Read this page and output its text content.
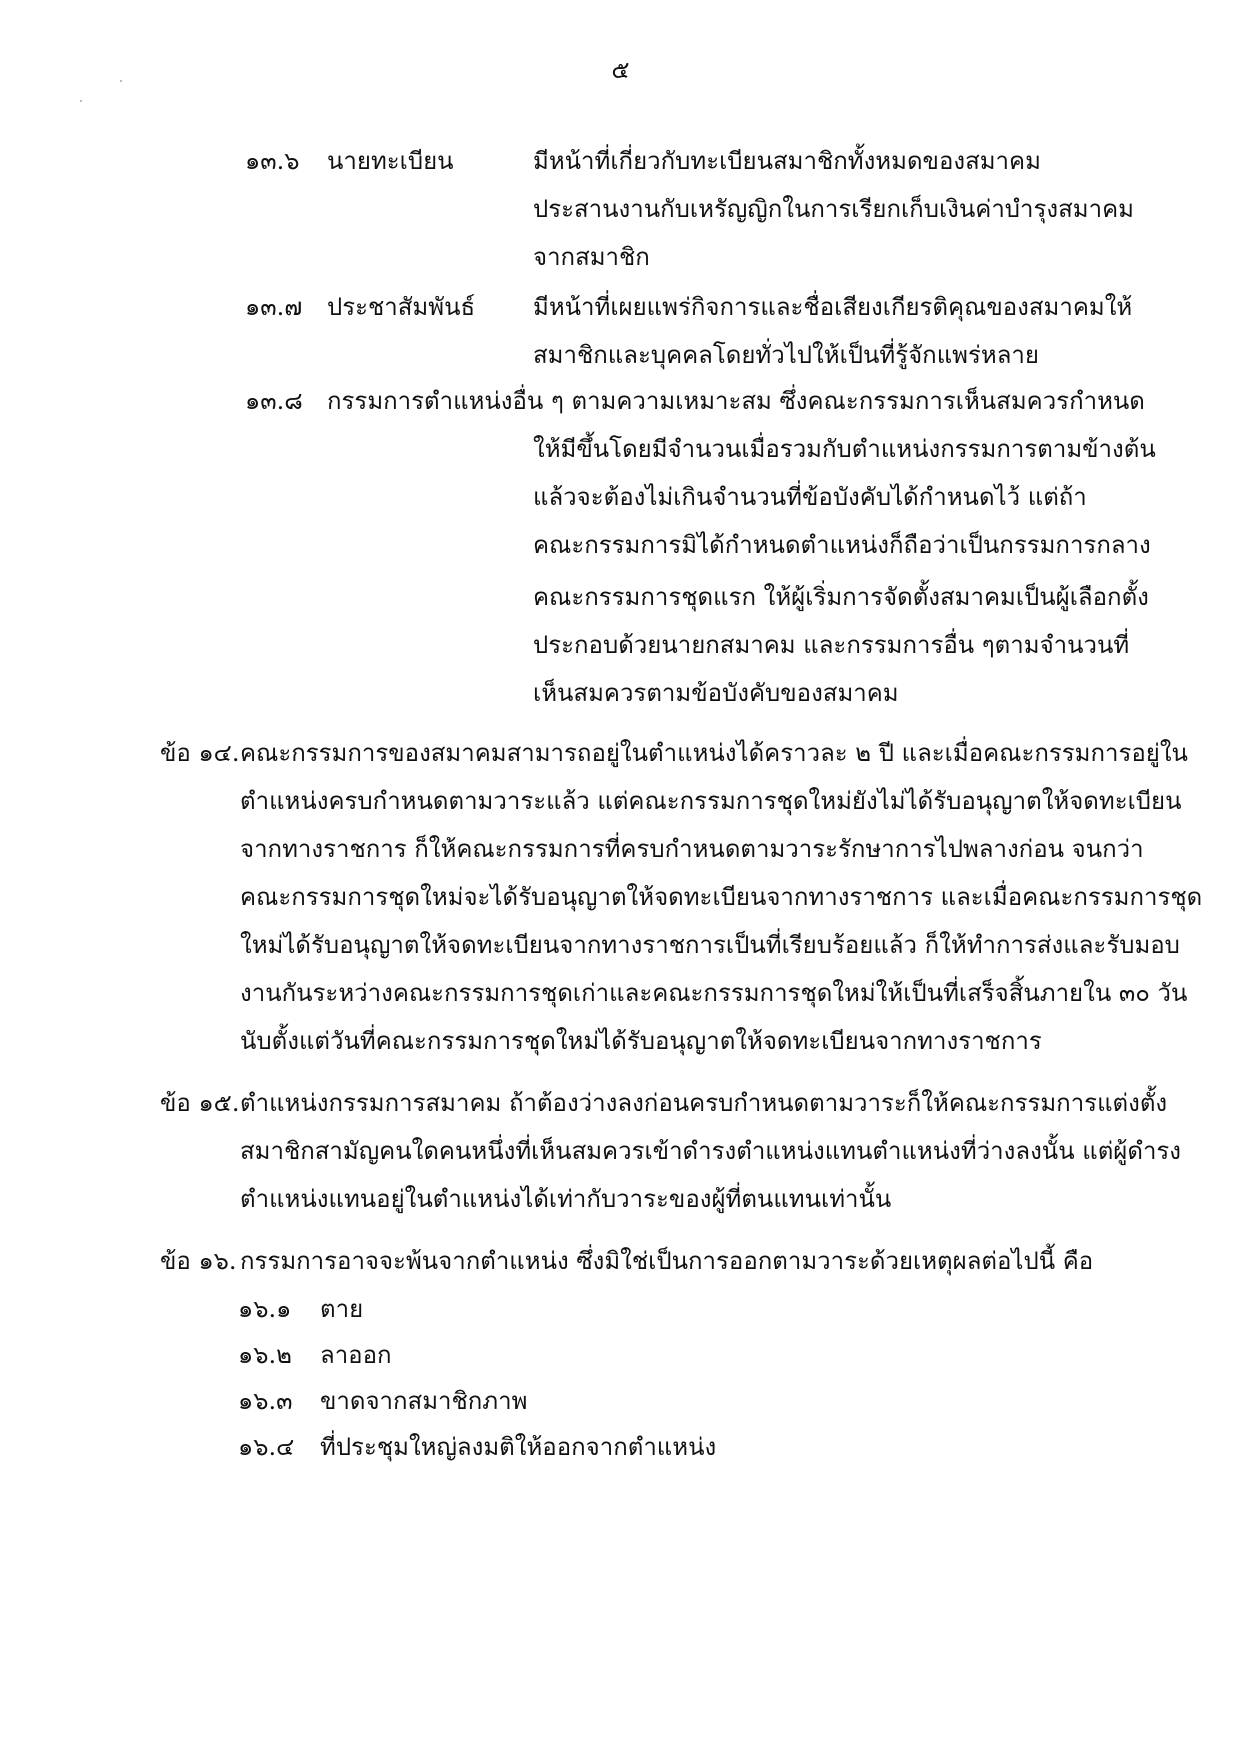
๕
๑๓.๖ นายทะเบียน	มีหน้าที่เกี่ยวกับทะเบียนสมาชิกทั้งหมดของสมาคม
ประสานงานกับเหรัญญิกในการเรียกเก็บเงินค่าบำรุงสมาคม
จากสมาชิก
๑๓.๗ ประชาสัมพันธ์ มีหน้าที่เผยแพร่กิจการและชื่อเสียงเกียรติคุณของสมาคมให้
สมาชิกและบุคคลโดยทั่วไปให้เป็นที่รู้จักแพร่หลาย
๑๓.๘ กรรมการตำแหน่งอื่น ๆ ตามความเหมาะสม ซึ่งคณะกรรมการเห็นสมควรกำหนด
ให้มีขึ้นโดยมีจำนวนเมื่อรวมกับตำแหน่งกรรมการตามข้างต้น
แล้วจะต้องไม่เกินจำนวนที่ข้อบังคับได้กำหนดไว้ แต่ถ้า
คณะกรรมการมิได้กำหนดตำแหน่งก็ถือว่าเป็นกรรมการกลาง
คณะกรรมการชุดแรก ให้ผู้เริ่มการจัดตั้งสมาคมเป็นผู้เลือกตั้ง
ประกอบด้วยนายกสมาคม และกรรมการอื่น ๆตามจำนวนที่
เห็นสมควรตามข้อบังคับของสมาคม
ข้อ ๑๔. คณะกรรมการของสมาคมสามารถอยู่ในตำแหน่งได้คราวละ ๒ ปี และเมื่อคณะกรรมการอยู่ใน
ตำแหน่งครบกำหนดตามวาระแล้ว แต่คณะกรรมการชุดใหม่ยังไม่ได้รับอนุญาตให้จดทะเบียน
จากทางราชการ ก็ให้คณะกรรมการที่ครบกำหนดตามวาระรักษาการไปพลางก่อน จนกว่า
คณะกรรมการชุดใหม่จะได้รับอนุญาตให้จดทะเบียนจากทางราชการ และเมื่อคณะกรรมการชุด
ใหม่ได้รับอนุญาตให้จดทะเบียนจากทางราชการเป็นที่เรียบร้อยแล้ว ก็ให้ทำการส่งและรับมอบ
งานกันระหว่างคณะกรรมการชุดเก่าและคณะกรรมการชุดใหม่ให้เป็นที่เสร็จสิ้นภายใน ๓๐ วัน
นับตั้งแต่วันที่คณะกรรมการชุดใหม่ได้รับอนุญาตให้จดทะเบียนจากทางราชการ
ข้อ ๑๕. ตำแหน่งกรรมการสมาคม ถ้าต้องว่างลงก่อนครบกำหนดตามวาระก็ให้คณะกรรมการแต่งตั้ง
สมาชิกสามัญคนใดคนหนึ่งที่เห็นสมควรเข้าดำรงตำแหน่งแทนตำแหน่งที่ว่างลงนั้น แต่ผู้ดำรง
ตำแหน่งแทนอยู่ในตำแหน่งได้เท่ากับวาระของผู้ที่ตนแทนเท่านั้น
ข้อ ๑๖. กรรมการอาจจะพ้นจากตำแหน่ง ซึ่งมิใช่เป็นการออกตามวาระด้วยเหตุผลต่อไปนี้ คือ
๑๖.๑ ตาย
๑๖.๒ ลาออก
๑๖.๓ ขาดจากสมาชิกภาพ
๑๖.๔ ที่ประชุมใหญ่ลงมติให้ออกจากตำแหน่ง
